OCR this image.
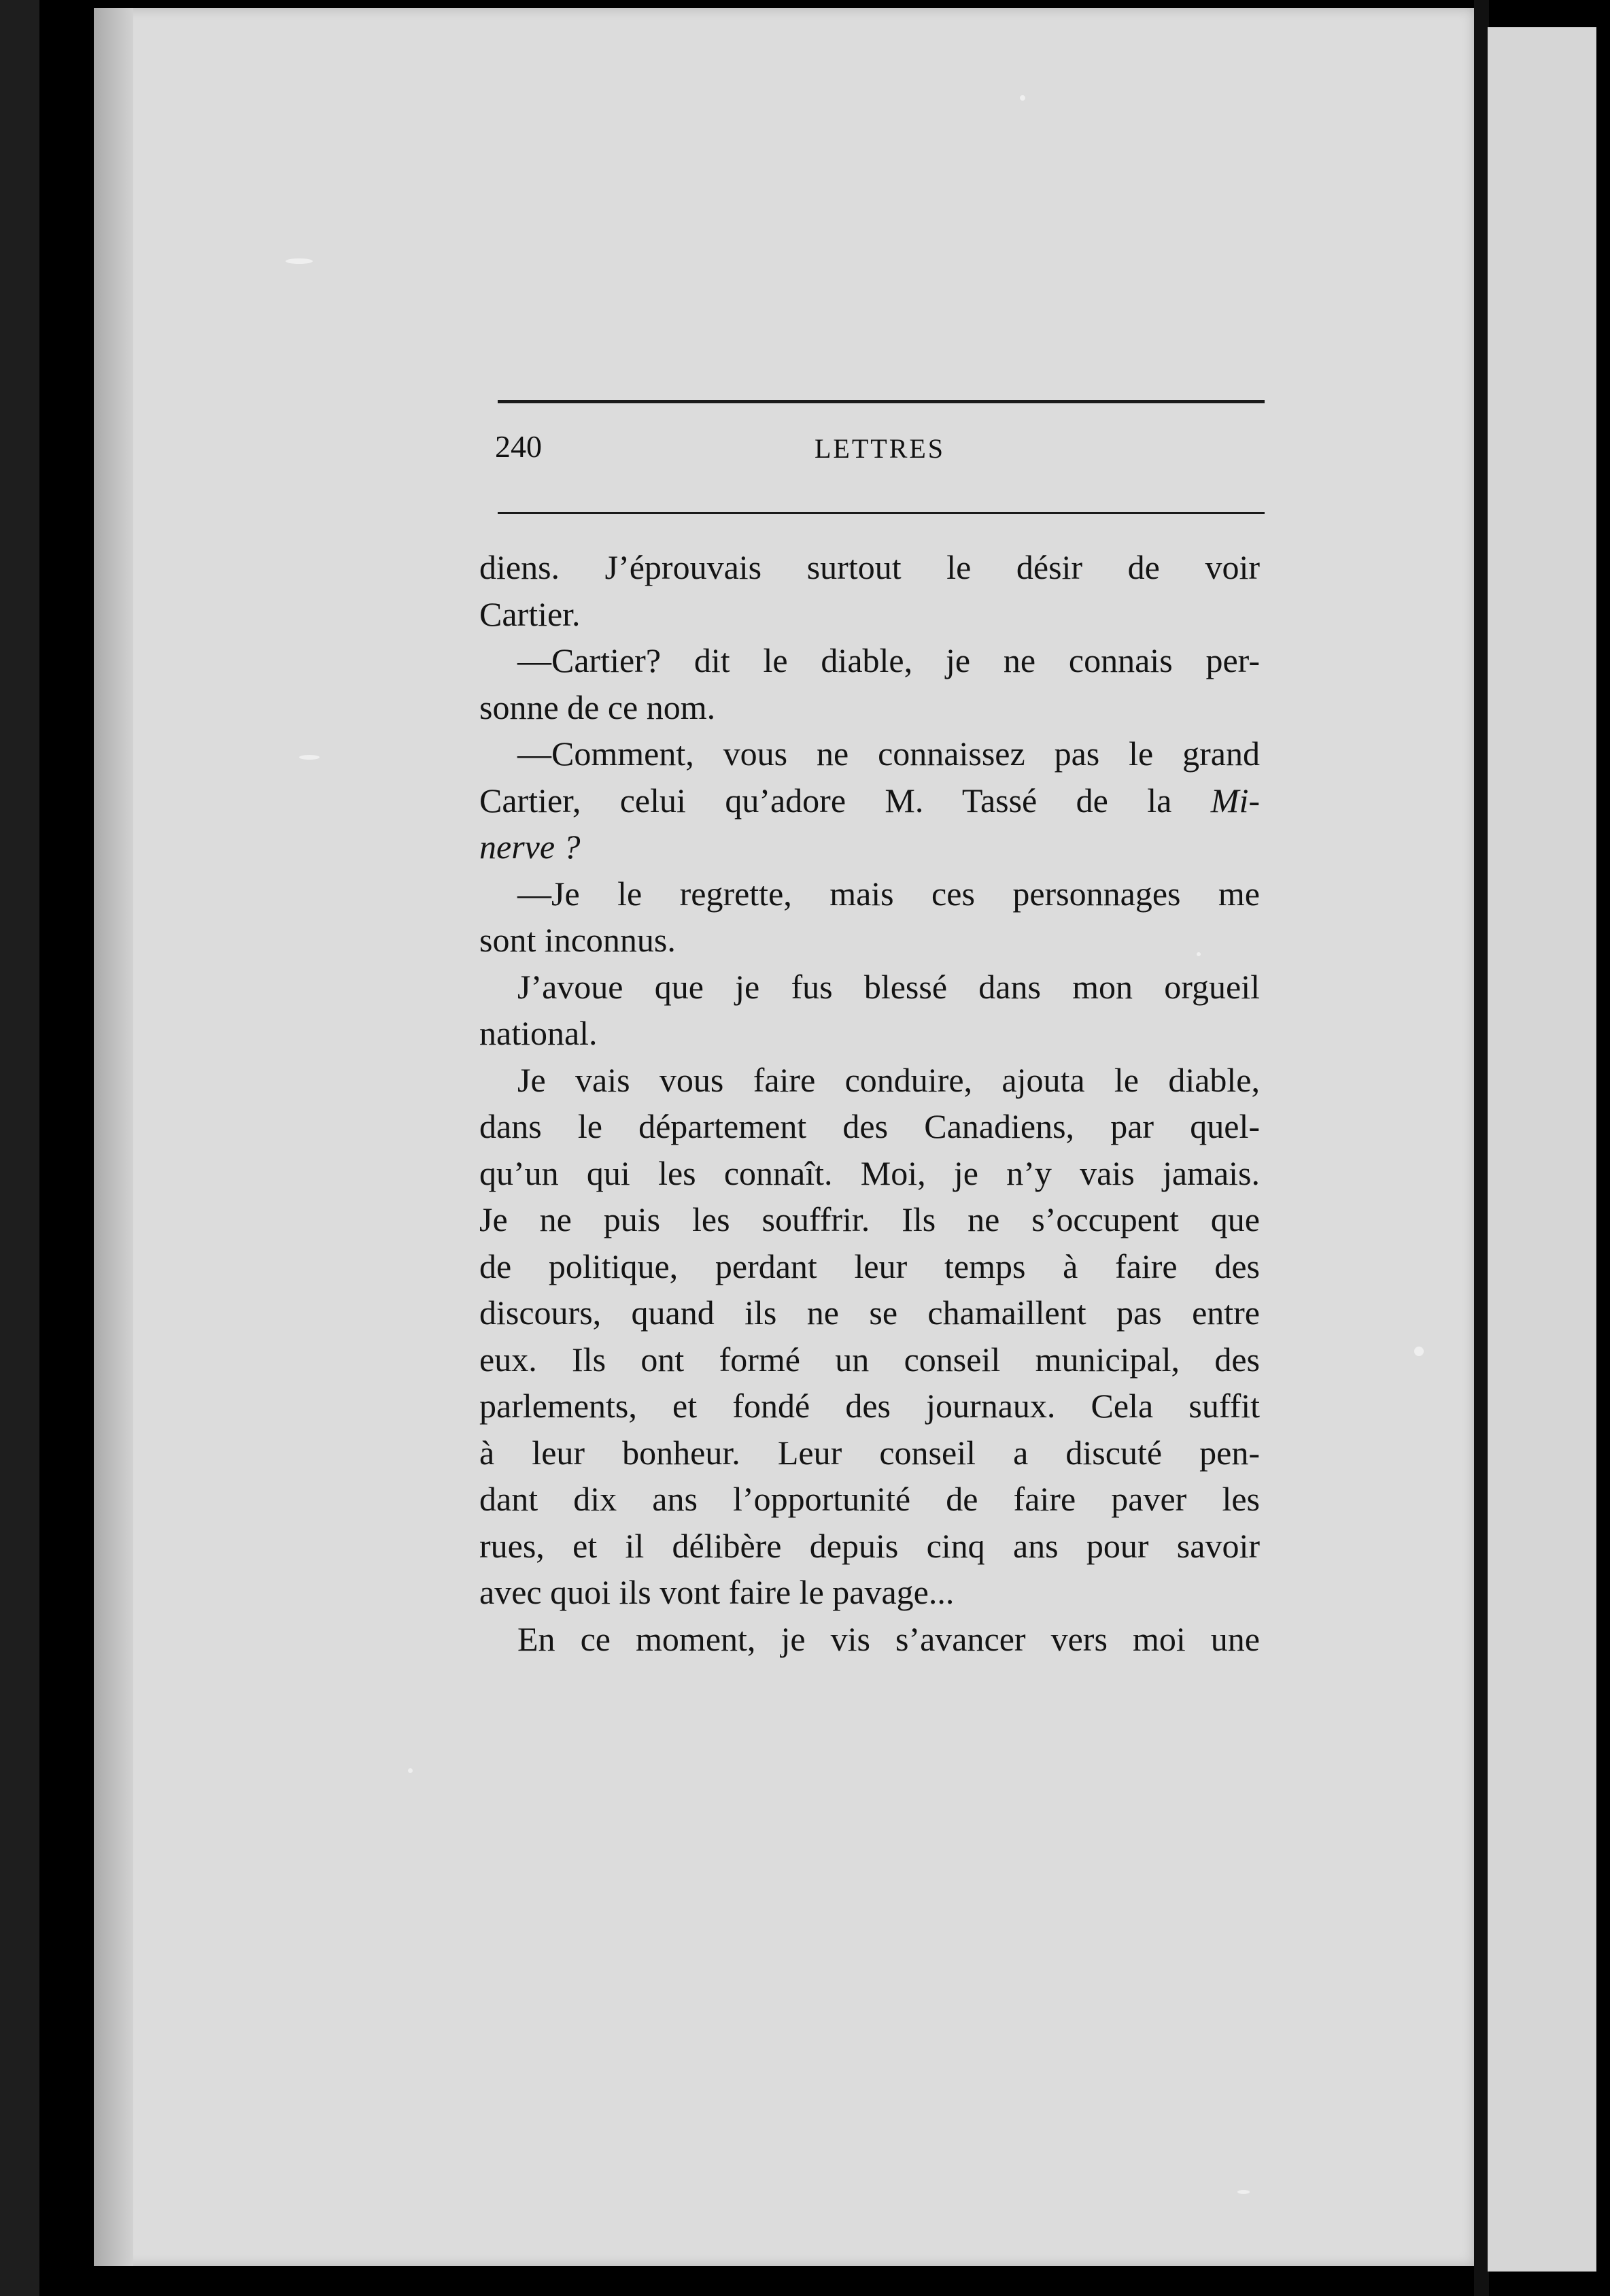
240	LETTRES

diens. J’éprouvais surtout le désir de voir
Cartier.

—Cartier? dit le diable, je ne connais per-
sonne de ce nom.

—Comment, vous ne connaissez pas le grand
Cartier, celui qu’adore M. Tassé de la Mi-
nerve ?

—Je le regrette, mais ces personnages me
sont inconnus.

J’avoue que je fus blessé dans mon orgueil
national.

Je vais vous faire conduire, ajouta le diable,
dans le département des Canadiens, par quel-
qu’un qui les connaît. Moi, je n’y vais jamais.
Je ne puis les souffrir. Ils ne s’occupent que
de politique, perdant leur temps à faire des
discours, quand ils ne se chamaillent pas entre
eux. Ils ont formé un conseil municipal, des
parlements, et fondé des journaux. Cela suffit
à leur bonheur. Leur conseil a discuté pen-
dant dix ans l’opportunité de faire paver les
rues, et il délibère depuis cinq ans pour savoir
avec quoi ils vont faire le pavage...

En ce moment, je vis s’avancer vers moi une
